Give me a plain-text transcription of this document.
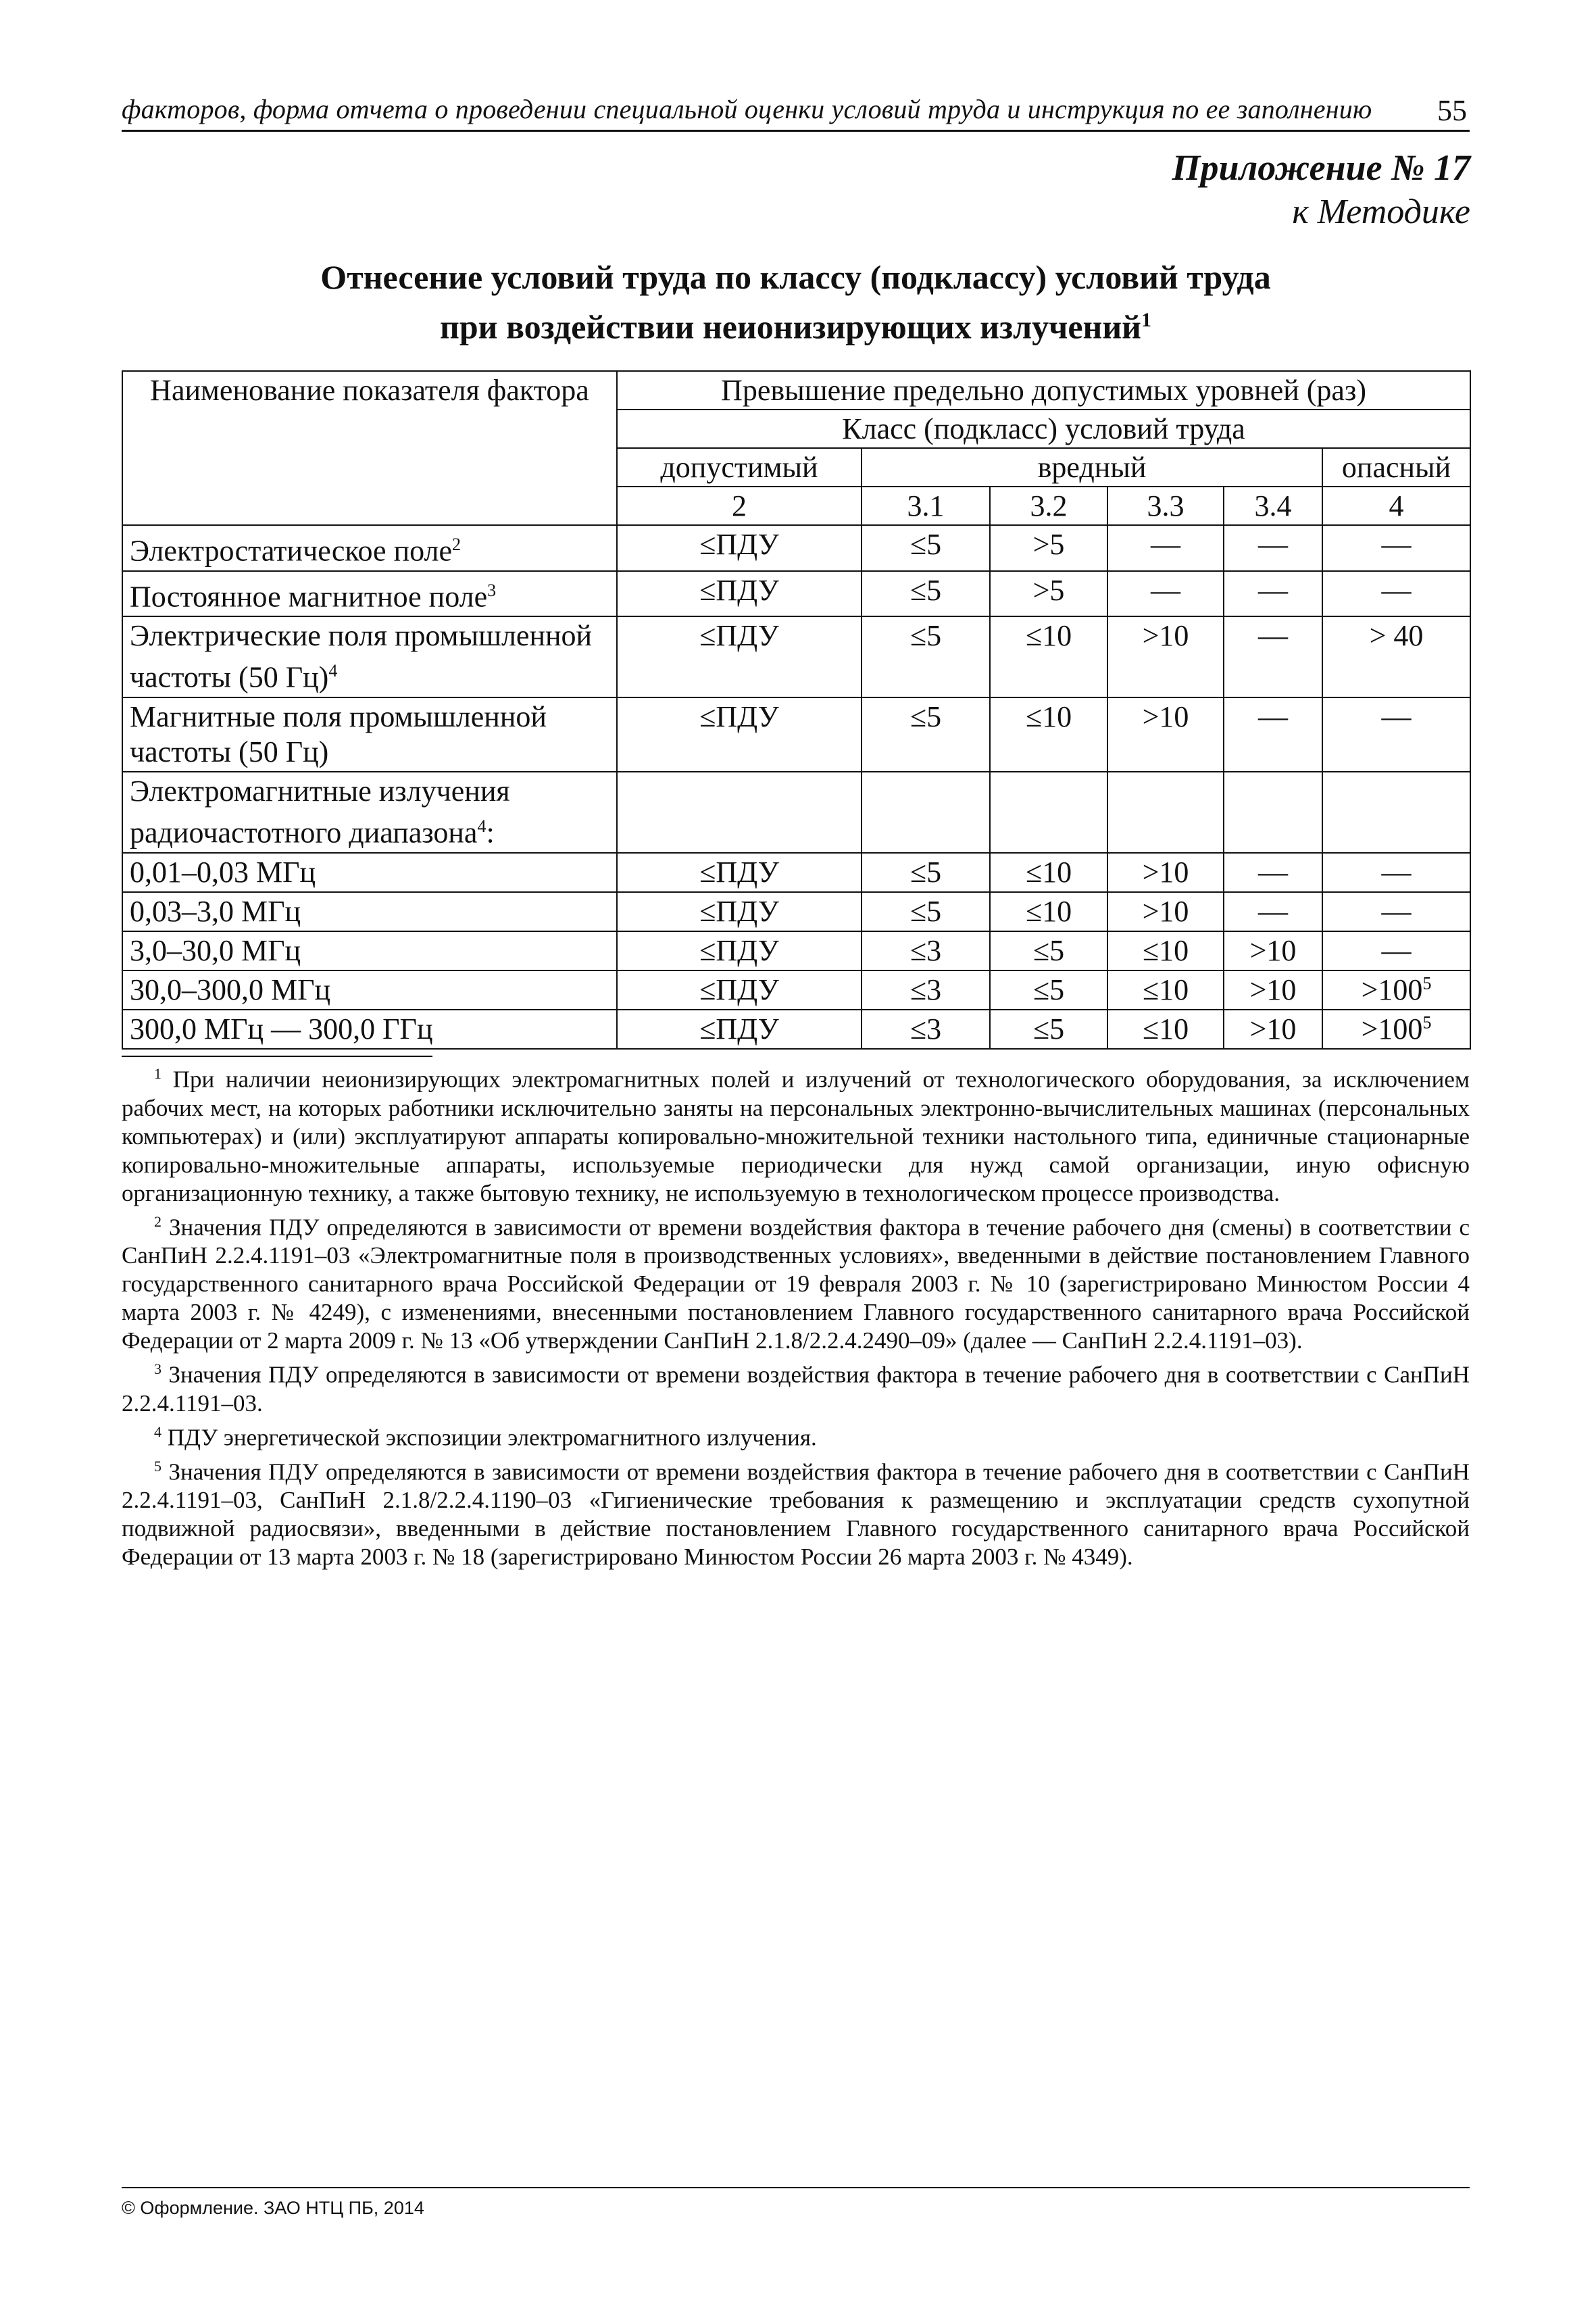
факторов, форма отчета о проведении специальной оценки условий труда и инструкция по ее заполнению 55
Приложение № 17
к Методике
Отнесение условий труда по классу (подклассу) условий труда
при воздействии неионизирующих излучений$^1$
Наименование показателя фактора	Превышение предельно допустимых уровней (раз)					
	Класс (подкласс) условий труда					
	допустимый	вредный				опасный
	2	3.1	3.2	3.3	3.4	4
Электростатическое поле$^2$	≤ПДУ	≤5	>5	—	—	—
Постоянное магнитное поле$^3$	≤ПДУ	≤5	>5	—	—	—
Электрические поля промышленной частоты (50 Гц)$^4$	≤ПДУ	≤5	≤10	>10	—	> 40
Магнитные поля промышленной частоты (50 Гц)	≤ПДУ	≤5	≤10	>10	—	—
Электромагнитные излучения радиочастотного диапазона$^4$:						
0,01–0,03 МГц	≤ПДУ	≤5	≤10	>10	—	—
0,03–3,0 МГц	≤ПДУ	≤5	≤10	>10	—	—
3,0–30,0 МГц	≤ПДУ	≤3	≤5	≤10	>10	—
30,0–300,0 МГц	≤ПДУ	≤3	≤5	≤10	>10	$>100^5$
300,0 МГц — 300,0 ГГц	≤ПДУ	≤3	≤5	≤10	>10	$>100^5$

$^1$ При наличии неионизирующих электромагнитных полей и излучений от технологического оборудования, за исключением рабочих мест, на которых работники исключительно заняты на персональных электронно-вычислительных машинах (персональных компьютерах) и (или) эксплуатируют аппараты копировально-множительной техники настольного типа, единичные стационарные копировально-множительные аппараты, используемые периодически для нужд самой организации, иную офисную организационную технику, а также бытовую технику, не используемую в технологическом процессе производства.

$^2$ Значения ПДУ определяются в зависимости от времени воздействия фактора в течение рабочего дня (смены) в соответствии с СанПиН 2.2.4.1191–03 «Электромагнитные поля в производственных условиях», введенными в действие постановлением Главного государственного санитарного врача Российской Федерации от 19 февраля 2003 г. № 10 (зарегистрировано Минюстом России 4 марта 2003 г. № 4249), с изменениями, внесенными постановлением Главного государственного санитарного врача Российской Федерации от 2 марта 2009 г. № 13 «Об утверждении СанПиН 2.1.8/2.2.4.2490–09» (далее — СанПиН 2.2.4.1191–03).

$^3$ Значения ПДУ определяются в зависимости от времени воздействия фактора в течение рабочего дня в соответствии с СанПиН 2.2.4.1191–03.

$^4$ ПДУ энергетической экспозиции электромагнитного излучения.

$^5$ Значения ПДУ определяются в зависимости от времени воздействия фактора в течение рабочего дня в соответствии с СанПиН 2.2.4.1191–03, СанПиН 2.1.8/2.2.4.1190–03 «Гигиенические требования к размещению и эксплуатации средств сухопутной подвижной радиосвязи», введенными в действие постановлением Главного государственного санитарного врача Российской Федерации от 13 марта 2003 г. № 18 (зарегистрировано Минюстом России 26 марта 2003 г. № 4349).

© Оформление. ЗАО НТЦ ПБ, 2014
